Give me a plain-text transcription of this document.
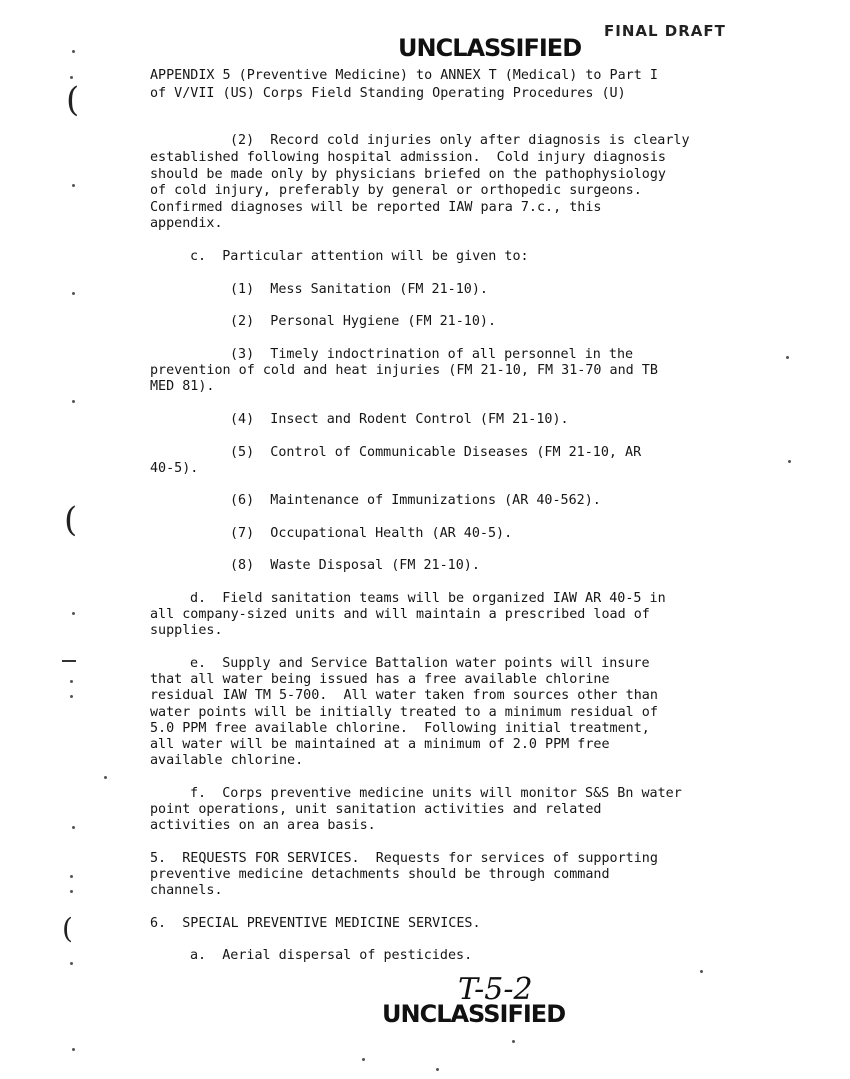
FINAL DRAFT
UNCLASSIFIED
APPENDIX 5 (Preventive Medicine) to ANNEX T (Medical) to Part I
of V/VII (US) Corps Field Standing Operating Procedures (U)
(2)  Record cold injuries only after diagnosis is clearly
established following hospital admission.  Cold injury diagnosis
should be made only by physicians briefed on the pathophysiology
of cold injury, preferably by general or orthopedic surgeons.
Confirmed diagnoses will be reported IAW para 7.c., this
appendix.
c.  Particular attention will be given to:
(1)  Mess Sanitation (FM 21-10).
(2)  Personal Hygiene (FM 21-10).
(3)  Timely indoctrination of all personnel in the
prevention of cold and heat injuries (FM 21-10, FM 31-70 and TB
MED 81).
(4)  Insect and Rodent Control (FM 21-10).
(5)  Control of Communicable Diseases (FM 21-10, AR
40-5).
(6)  Maintenance of Immunizations (AR 40-562).
(7)  Occupational Health (AR 40-5).
(8)  Waste Disposal (FM 21-10).
d.  Field sanitation teams will be organized IAW AR 40-5 in
all company-sized units and will maintain a prescribed load of
supplies.
e.  Supply and Service Battalion water points will insure
that all water being issued has a free available chlorine
residual IAW TM 5-700.  All water taken from sources other than
water points will be initially treated to a minimum residual of
5.0 PPM free available chlorine.  Following initial treatment,
all water will be maintained at a minimum of 2.0 PPM free
available chlorine.
f.  Corps preventive medicine units will monitor S&S Bn water
point operations, unit sanitation activities and related
activities on an area basis.
5.  REQUESTS FOR SERVICES.  Requests for services of supporting
preventive medicine detachments should be through command
channels.
6.  SPECIAL PREVENTIVE MEDICINE SERVICES.
a.  Aerial dispersal of pesticides.
T-5-2
UNCLASSIFIED
(
(
(
